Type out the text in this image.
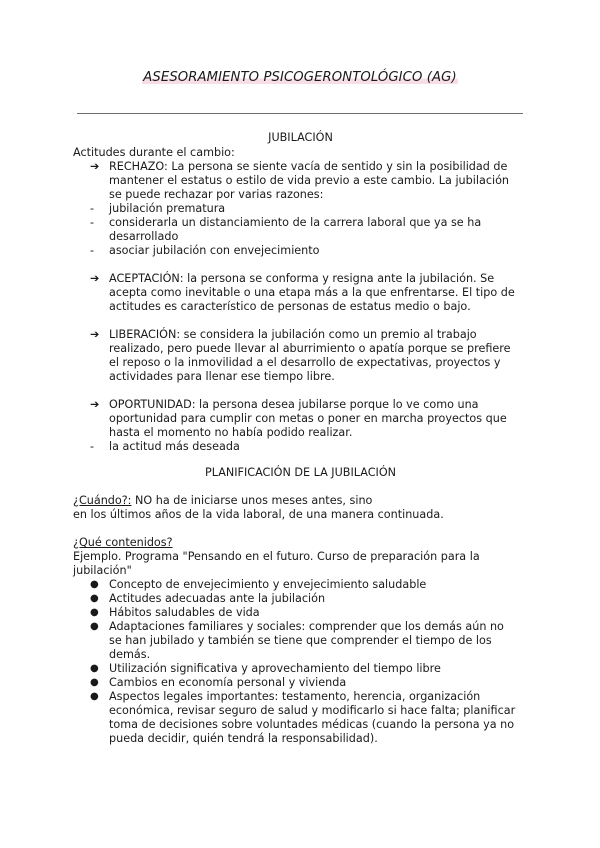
ASESORAMIENTO PSICOGERONTOLÓGICO (AG)

JUBILACIÓN

Actitudes durante el cambio:

➔ RECHAZO: La persona se siente vacía de sentido y sin la posibilidad de

mantener el estatus o estilo de vida previo a este cambio. La jubilación

se puede rechazar por varias razones:

- jubilación prematura

- considerarla un distanciamiento de la carrera laboral que ya se ha

desarrollado

- asociar jubilación con envejecimiento

➔ ACEPTACIÓN: la persona se conforma y resigna ante la jubilación. Se

acepta como inevitable o una etapa más a la que enfrentarse. El tipo de

actitudes es característico de personas de estatus medio o bajo.

➔ LIBERACIÓN: se considera la jubilación como un premio al trabajo

realizado, pero puede llevar al aburrimiento o apatía porque se prefiere

el reposo o la inmovilidad a el desarrollo de expectativas, proyectos y

actividades para llenar ese tiempo libre.

➔ OPORTUNIDAD: la persona desea jubilarse porque lo ve como una

oportunidad para cumplir con metas o poner en marcha proyectos que

hasta el momento no había podido realizar.

- la actitud más deseada

PLANIFICACIÓN DE LA JUBILACIÓN

¿Cuándo?: NO ha de iniciarse unos meses antes, sino

en los últimos años de la vida laboral, de una manera continuada.

¿Qué contenidos?

Ejemplo. Programa "Pensando en el futuro. Curso de preparación para la

jubilación"

● Concepto de envejecimiento y envejecimiento saludable

● Actitudes adecuadas ante la jubilación

● Hábitos saludables de vida

● Adaptaciones familiares y sociales: comprender que los demás aún no

se han jubilado y también se tiene que comprender el tiempo de los

demás.

● Utilización significativa y aprovechamiento del tiempo libre

● Cambios en economía personal y vivienda

● Aspectos legales importantes: testamento, herencia, organización

económica, revisar seguro de salud y modificarlo si hace falta; planificar

toma de decisiones sobre voluntades médicas (cuando la persona ya no

pueda decidir, quién tendrá la responsabilidad).
